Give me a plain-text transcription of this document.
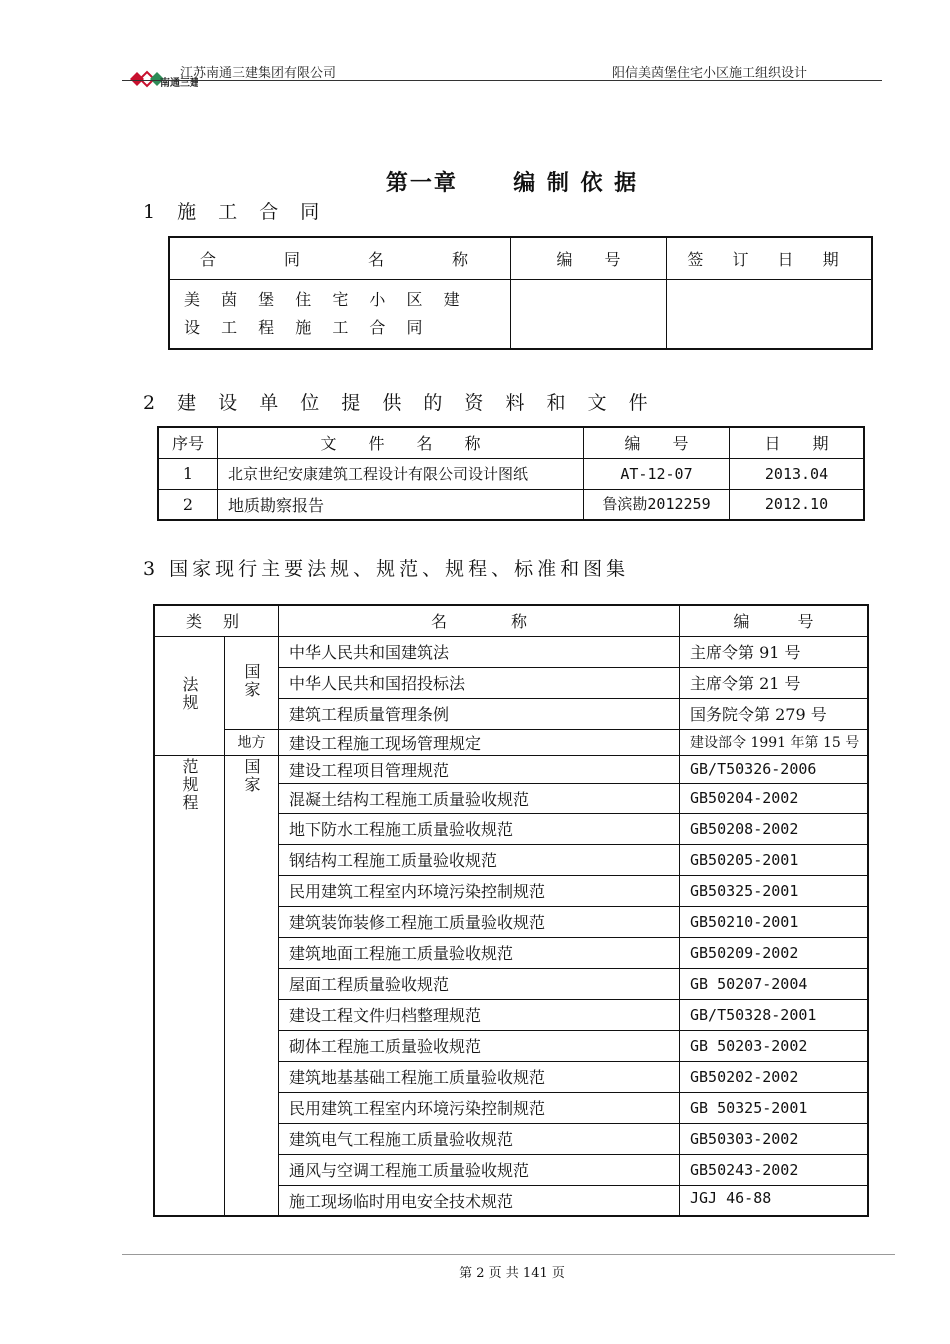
南通三建
江苏南通三建集团有限公司	阳信美茵堡住宅小区施工组织设计
第一章	编 制 依 据
1 施 工 合 同
合　　同　　名　　称	编　　号	签 订 日 期
美 茵 堡 住 宅 小 区 建 设 工 程 施 工 合 同		
2 建 设 单 位 提 供 的 资 料 和 文 件
序号	文　　件　　名　　称	编　　号	日　　期
1	北京世纪安康建筑工程设计有限公司设计图纸	AT-12-07	2013.04
2	地质勘察报告	鲁滨勘2012259	2012.10
3 国家现行主要法规、规范、规程、标准和图集
类 别		名　　　　称	编　　　号
法规	国家	中华人民共和国建筑法	主席令第 91 号
		中华人民共和国招投标法	主席令第 21 号
		建筑工程质量管理条例	国务院令第 279 号
	地方	建设工程施工现场管理规定	建设部令 1991 年第 15 号
范规程	国家	建设工程项目管理规范	GB/T50326-2006
		混凝土结构工程施工质量验收规范	GB50204-2002
		地下防水工程施工质量验收规范	GB50208-2002
		钢结构工程施工质量验收规范	GB50205-2001
		民用建筑工程室内环境污染控制规范	GB50325-2001
		建筑装饰装修工程施工质量验收规范	GB50210-2001
		建筑地面工程施工质量验收规范	GB50209-2002
		屋面工程质量验收规范	GB 50207-2004
		建设工程文件归档整理规范	GB/T50328-2001
		砌体工程施工质量验收规范	GB 50203-2002
		建筑地基基础工程施工质量验收规范	GB50202-2002
		民用建筑工程室内环境污染控制规范	GB 50325-2001
		建筑电气工程施工质量验收规范	GB50303-2002
		通风与空调工程施工质量验收规范	GB50243-2002
		施工现场临时用电安全技术规范	JGJ 46-88
第 2 页 共 141 页
